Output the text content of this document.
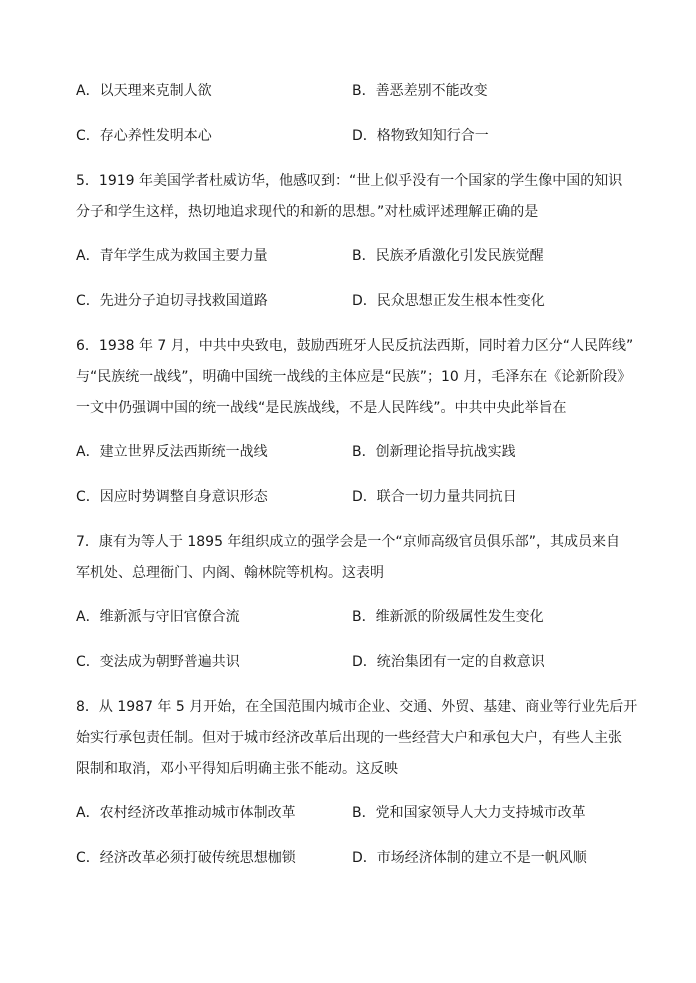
A．以天理来克制人欲	B．善恶差别不能改变
C．存心养性发明本心	D．格物致知知行合一
5．1919 年美国学者杜威访华，他感叹到：“世上似乎没有一个国家的学生像中国的知识
分子和学生这样，热切地追求现代的和新的思想。”对杜威评述理解正确的是
A．青年学生成为救国主要力量	B．民族矛盾激化引发民族觉醒
C．先进分子迫切寻找救国道路	D．民众思想正发生根本性变化
6．1938 年 7 月，中共中央致电，鼓励西班牙人民反抗法西斯，同时着力区分“人民阵线”
与“民族统一战线”，明确中国统一战线的主体应是“民族”；10 月，毛泽东在《论新阶段》
一文中仍强调中国的统一战线“是民族战线，不是人民阵线”。中共中央此举旨在
A．建立世界反法西斯统一战线	B．创新理论指导抗战实践
C．因应时势调整自身意识形态	D．联合一切力量共同抗日
7．康有为等人于 1895 年组织成立的强学会是一个“京师高级官员俱乐部”，其成员来自
军机处、总理衙门、内阁、翰林院等机构。这表明
A．维新派与守旧官僚合流	B．维新派的阶级属性发生变化
C．变法成为朝野普遍共识	D．统治集团有一定的自救意识
8．从 1987 年 5 月开始，在全国范围内城市企业、交通、外贸、基建、商业等行业先后开
始实行承包责任制。但对于城市经济改革后出现的一些经营大户和承包大户，有些人主张
限制和取消，邓小平得知后明确主张不能动。这反映
A．农村经济改革推动城市体制改革	B．党和国家领导人大力支持城市改革
C．经济改革必须打破传统思想枷锁	D．市场经济体制的建立不是一帆风顺
